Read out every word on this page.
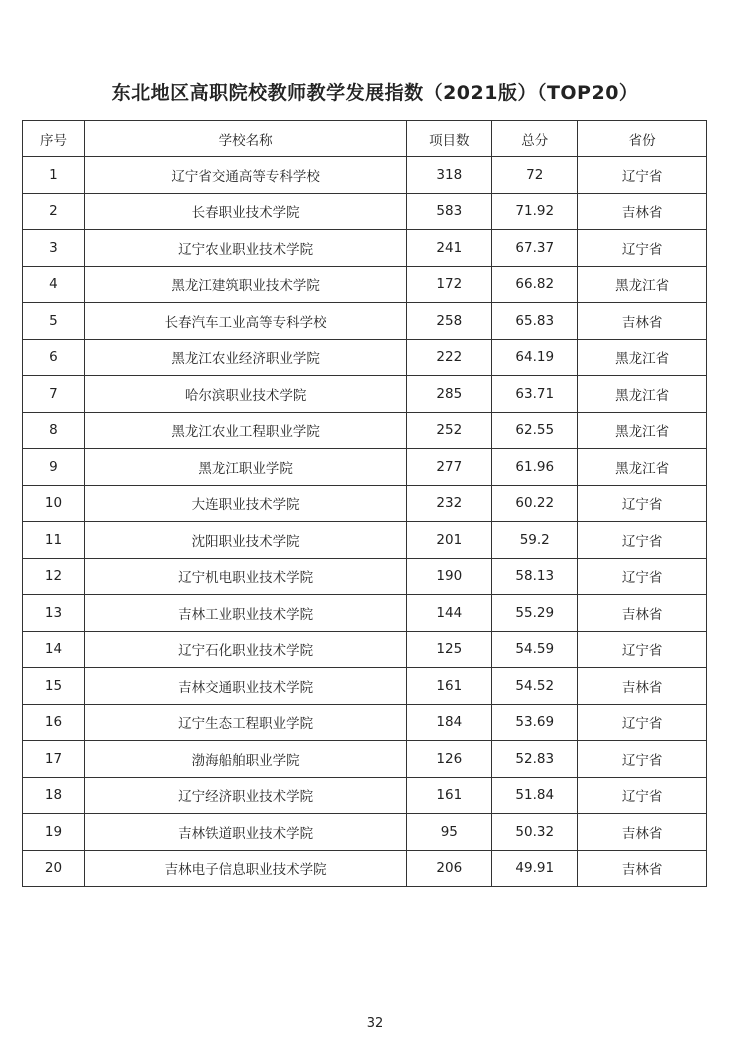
东北地区高职院校教师教学发展指数（2021版）（TOP20）
序号	学校名称	项目数	总分	省份
1	辽宁省交通高等专科学校	318	72	辽宁省
2	长春职业技术学院	583	71.92	吉林省
3	辽宁农业职业技术学院	241	67.37	辽宁省
4	黑龙江建筑职业技术学院	172	66.82	黑龙江省
5	长春汽车工业高等专科学校	258	65.83	吉林省
6	黑龙江农业经济职业学院	222	64.19	黑龙江省
7	哈尔滨职业技术学院	285	63.71	黑龙江省
8	黑龙江农业工程职业学院	252	62.55	黑龙江省
9	黑龙江职业学院	277	61.96	黑龙江省
10	大连职业技术学院	232	60.22	辽宁省
11	沈阳职业技术学院	201	59.2	辽宁省
12	辽宁机电职业技术学院	190	58.13	辽宁省
13	吉林工业职业技术学院	144	55.29	吉林省
14	辽宁石化职业技术学院	125	54.59	辽宁省
15	吉林交通职业技术学院	161	54.52	吉林省
16	辽宁生态工程职业学院	184	53.69	辽宁省
17	渤海船舶职业学院	126	52.83	辽宁省
18	辽宁经济职业技术学院	161	51.84	辽宁省
19	吉林铁道职业技术学院	95	50.32	吉林省
20	吉林电子信息职业技术学院	206	49.91	吉林省
32
